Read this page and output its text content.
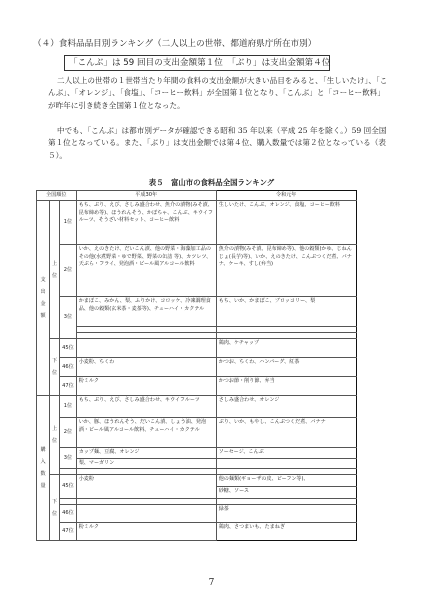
（４）食料品品目別ランキング（二人以上の世帯、都道府県庁所在市別）
「こんぶ」は 59 回目の支出金額第１位　「ぶり」は支出金額第４位

二人以上の世帯の１世帯当たり年間の食料の支出金額が大きい品目をみると、「生しいたけ」、「こんぶ」、「オレンジ」、「食塩」、「コーヒー飲料」が全国第１位となり、「こんぶ」と「コーヒー飲料」が昨年に引き続き全国第１位となった。

中でも、「こんぶ」は都市別データが確認できる昭和 35 年以来（平成 25 年を除く。）59 回全国第１位となっている。また、「ぶり」は支出金額では第４位、購入数量では第２位となっている（表５）。

表５　富山市の食料品全国ランキング
全国順位			平成30年	令和元年
支出金額	上位	1位	もち、ぶり、えび、さしみ盛合わせ、魚介の漬物(みそ漬、昆布締め等)、ほうれんそう、かぼちゃ、こんぶ、キウイフルーツ、そうざい材料セット、コーヒー飲料	生しいたけ、こんぶ、オレンジ、食塩、コーヒー飲料
		2位	いか、えのきたけ、だいこん漬、他の野菜・海藻加工品のその他(水煮野菜・ゆで野菜、野菜の缶詰 等)、カツレツ、天ぷら・フライ、発泡酒・ビール風アルコール飲料	魚介の漬物(みそ漬、昆布締め等)、他の穀類(かゆ、じねんじょ(長芋)等)、いか、えのきたけ、こんぶつくだ煮、バナナ、ケーキ、すし(弁当)
		3位	かまぼこ、みかん、梨、ふりかけ、コロッケ、冷凍調理食品、他の穀類(玄米茶・麦茶等)、チューハイ・カクテル	もち、いか、かまぼこ、ブロッコリー、梨

	下位	45位		鶏肉、ケチャップ
		46位	小麦粉、ちくわ	かつお、ちくわ、ハンバーグ、紅茶
		47位	粉ミルク	かつお節・削り節、弁当
購入数量	上位	1位	もち、ぶり、えび、さしみ盛合わせ、キウイフルーツ	さしみ盛合わせ、オレンジ
		2位	いか、豚、ほうれんそう、だいこん漬、しょう油、発泡酒・ビール風アルコール飲料、チューハイ・カクテル	ぶり、いか、もやし、こんぶつくだ煮、バナナ
		3位	カップ麺、豆腐、オレンジ	ソーセージ、こんぶ
			梨、マーガリン	

	下位	45位	小麦粉	他の麺類(ギョーザの皮、ビーフン等)、
				砂糖、ソース

		46位		緑茶
		47位	粉ミルク	鶏肉、さつまいも、たまねぎ
7
